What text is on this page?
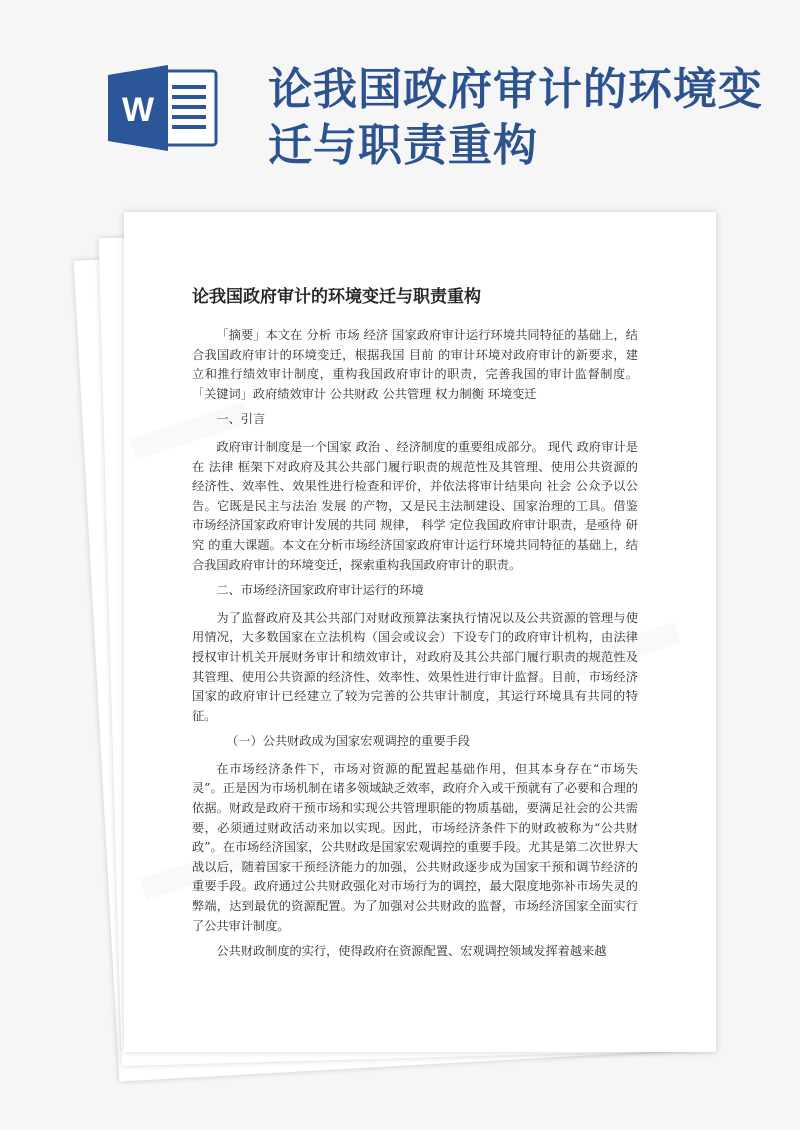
W	论我国政府审计的环境变迁与职责重构
论我国政府审计的环境变迁与职责重构

「摘要」本文在 分析 市场 经济 国家政府审计运行环境共同特征的基础上，结合我国政府审计的环境变迁，根据我国 目前 的审计环境对政府审计的新要求，建立和推行绩效审计制度，重构我国政府审计的职责，完善我国的审计监督制度。 「关键词」政府绩效审计 公共财政 公共管理 权力制衡 环境变迁

一、引言

政府审计制度是一个国家 政治 、经济制度的重要组成部分。 现代 政府审计是在 法律 框架下对政府及其公共部门履行职责的规范性及其管理、使用公共资源的经济性、效率性、效果性进行检查和评价，并依法将审计结果向 社会 公众予以公告。它既是民主与法治 发展 的产物，又是民主法制建设、国家治理的工具。借鉴市场经济国家政府审计发展的共同 规律， 科学 定位我国政府审计职责，是亟待 研究 的重大课题。本文在分析市场经济国家政府审计运行环境共同特征的基础上，结合我国政府审计的环境变迁，探索重构我国政府审计的职责。

二、市场经济国家政府审计运行的环境

为了监督政府及其公共部门对财政预算法案执行情况以及公共资源的管理与使用情况，大多数国家在立法机构（国会或议会）下设专门的政府审计机构，由法律授权审计机关开展财务审计和绩效审计，对政府及其公共部门履行职责的规范性及其管理、使用公共资源的经济性、效率性、效果性进行审计监督。目前，市场经济国家的政府审计已经建立了较为完善的公共审计制度，其运行环境具有共同的特征。

（一）公共财政成为国家宏观调控的重要手段

在市场经济条件下，市场对资源的配置起基础作用，但其本身存在“市场失灵”。正是因为市场机制在诸多领域缺乏效率，政府介入或干预就有了必要和合理的依据。财政是政府干预市场和实现公共管理职能的物质基础，要满足社会的公共需要，必须通过财政活动来加以实现。因此，市场经济条件下的财政被称为“公共财政”。在市场经济国家，公共财政是国家宏观调控的重要手段。尤其是第二次世界大战以后，随着国家干预经济能力的加强，公共财政逐步成为国家干预和调节经济的重要手段。政府通过公共财政强化对市场行为的调控，最大限度地弥补市场失灵的弊端，达到最优的资源配置。为了加强对公共财政的监督，市场经济国家全面实行了公共审计制度。

公共财政制度的实行，使得政府在资源配置、宏观调控领域发挥着越来越
